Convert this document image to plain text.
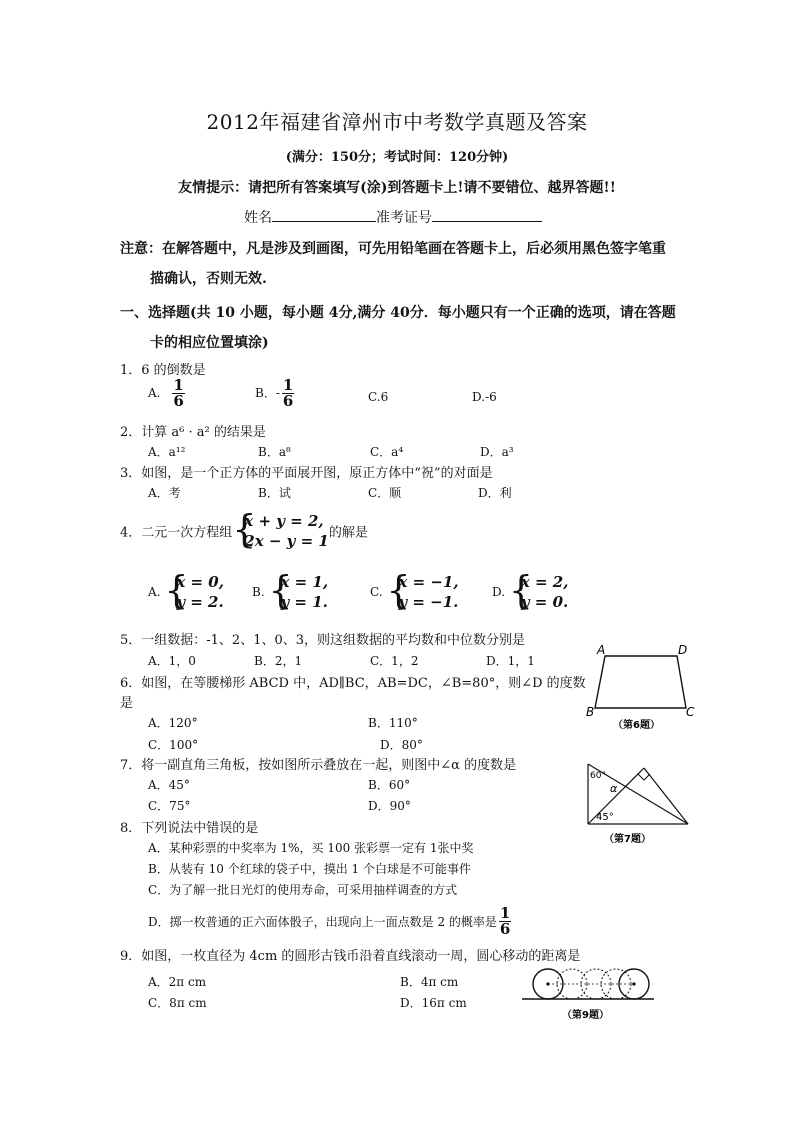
2012年福建省漳州市中考数学真题及答案
(满分：150分；考试时间：120分钟)
友情提示：请把所有答案填写(涂)到答题卡上!请不要错位、越界答题!!
姓名	准考证号
注意：在解答题中，凡是涉及到画图，可先用铅笔画在答题卡上，后必须用黑色签字笔重
描确认，否则无效.
一、选择题(共 10 小题，每小题 4分,满分 40分．每小题只有一个正确的选项，请在答题
卡的相应位置填涂)
1．6 的倒数是
A. $\frac{1}{6}$	B．- $\frac{1}{6}$	C.6	D.-6
2．计算 a⁶ · a² 的结果是
A．a¹²	B．a⁸	C．a⁴	D．a³
3．如图，是一个正方体的平面展开图，原正方体中“祝”的对面是
A．考	B．试	C．顺	D．利
4．二元一次方程组 {
x + y = 2,
2x − y = 1 的解是
A. {
x = 0,
y = 2.
B. {
x = 1,
y = 1.
C. {
x = −1,
y = −1.
D. {
x = 2,
y = 0.
5．一组数据：-1、2、1、0、3，则这组数据的平均数和中位数分别是
A．1，0	B．2，1	C．1，2	D．1，1
6．如图，在等腰梯形 ABCD 中，AD∥BC，AB=DC，∠B=80°，则∠D 的度数
是
A．120°	B．110°
C．100°	D．80°
A	D
B	C
（第6题）
7．将一副直角三角板，按如图所示叠放在一起，则图中∠α 的度数是
A．45°	B．60°
C．75°	D．90°
60°
α
45°
（第7题）
8．下列说法中错误的是
A．某种彩票的中奖率为 1%，买 100 张彩票一定有 1张中奖
B．从装有 10 个红球的袋子中，摸出 1 个白球是不可能事件
C．为了解一批日光灯的使用寿命，可采用抽样调查的方式
D．掷一枚普通的正六面体骰子，出现向上一面点数是 2 的概率是 $\frac{1}{6}$
9．如图，一枚直径为 4cm 的圆形古钱币沿着直线滚动一周，圆心移动的距离是
A．2π cm	B．4π cm
C．8π cm	D．16π cm
（第9题）
